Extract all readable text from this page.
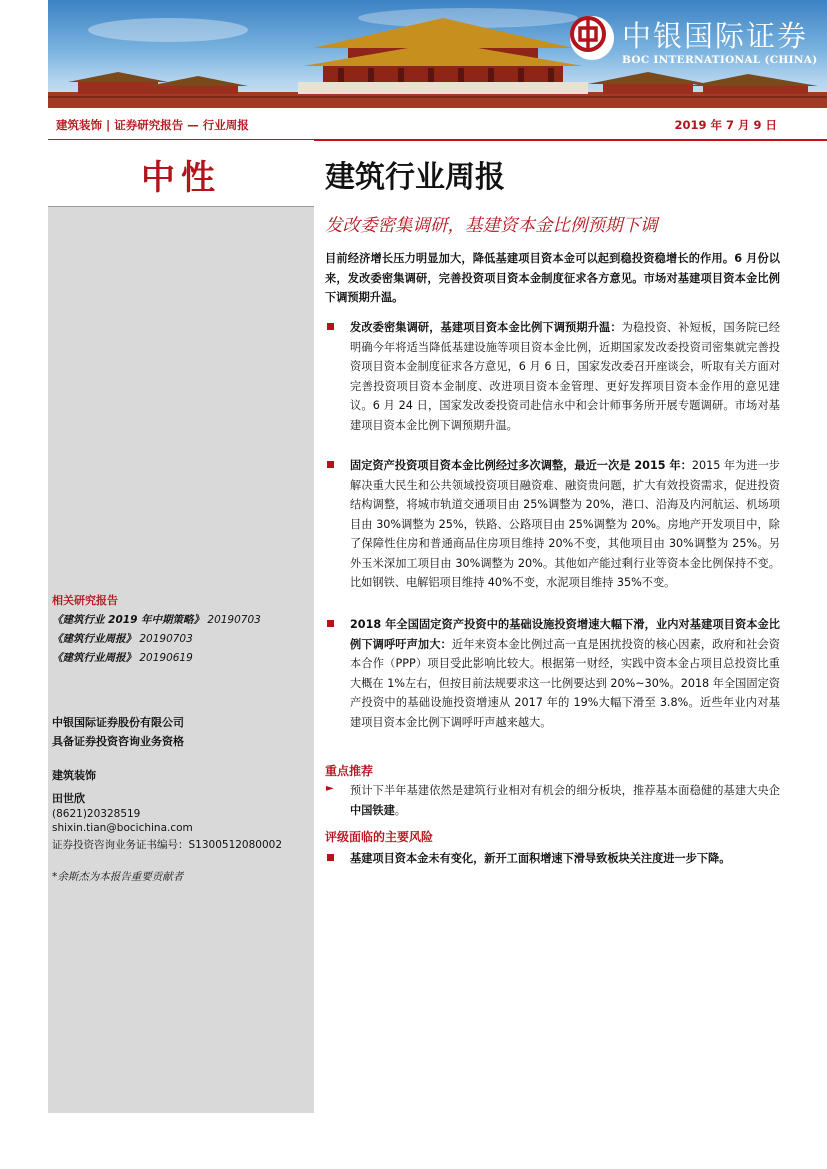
中银国际证券
BOC INTERNATIONAL (CHINA)
建筑装饰 | 证券研究报告 — 行业周报	2019 年 7 月 9 日
中性
相关研究报告
《建筑行业 2019 年中期策略》 20190703
《建筑行业周报》 20190703
《建筑行业周报》 20190619
中银国际证券股份有限公司
具备证券投资咨询业务资格
建筑装饰
田世欣
(8621)20328519
shixin.tian@bocichina.com
证券投资咨询业务证书编号：S1300512080002
*余斯杰为本报告重要贡献者
建筑行业周报
发改委密集调研，基建资本金比例预期下调
目前经济增长压力明显加大，降低基建项目资本金可以起到稳投资稳增长的作用。6 月份以来，发改委密集调研，完善投资项目资本金制度征求各方意见。市场对基建项目资本金比例下调预期升温。
发改委密集调研，基建项目资本金比例下调预期升温：为稳投资、补短板，国务院已经明确今年将适当降低基建设施等项目资本金比例，近期国家发改委投资司密集就完善投资项目资本金制度征求各方意见，6 月 6 日，国家发改委召开座谈会，听取有关方面对完善投资项目资本金制度、改进项目资本金管理、更好发挥项目资本金作用的意见建议。6 月 24 日，国家发改委投资司赴信永中和会计师事务所开展专题调研。市场对基建项目资本金比例下调预期升温。
固定资产投资项目资本金比例经过多次调整，最近一次是 2015 年：2015 年为进一步解决重大民生和公共领域投资项目融资难、融资贵问题，扩大有效投资需求，促进投资结构调整，将城市轨道交通项目由 25%调整为 20%，港口、沿海及内河航运、机场项目由 30%调整为 25%，铁路、公路项目由 25%调整为 20%。房地产开发项目中，除了保障性住房和普通商品住房项目维持 20%不变，其他项目由 30%调整为 25%。另外玉米深加工项目由 30%调整为 20%。其他如产能过剩行业等资本金比例保持不变。比如钢铁、电解铝项目维持 40%不变，水泥项目维持 35%不变。
2018 年全国固定资产投资中的基础设施投资增速大幅下滑，业内对基建项目资本金比例下调呼吁声加大：近年来资本金比例过高一直是困扰投资的核心因素，政府和社会资本合作（PPP）项目受此影响比较大。根据第一财经，实践中资本金占项目总投资比重大概在 1%左右，但按目前法规要求这一比例要达到 20%~30%。2018 年全国固定资产投资中的基础设施投资增速从 2017 年的 19%大幅下滑至 3.8%。近些年业内对基建项目资本金比例下调呼吁声越来越大。
重点推荐
► 预计下半年基建依然是建筑行业相对有机会的细分板块，推荐基本面稳健的基建大央企中国铁建。
评级面临的主要风险
基建项目资本金未有变化，新开工面积增速下滑导致板块关注度进一步下降。
